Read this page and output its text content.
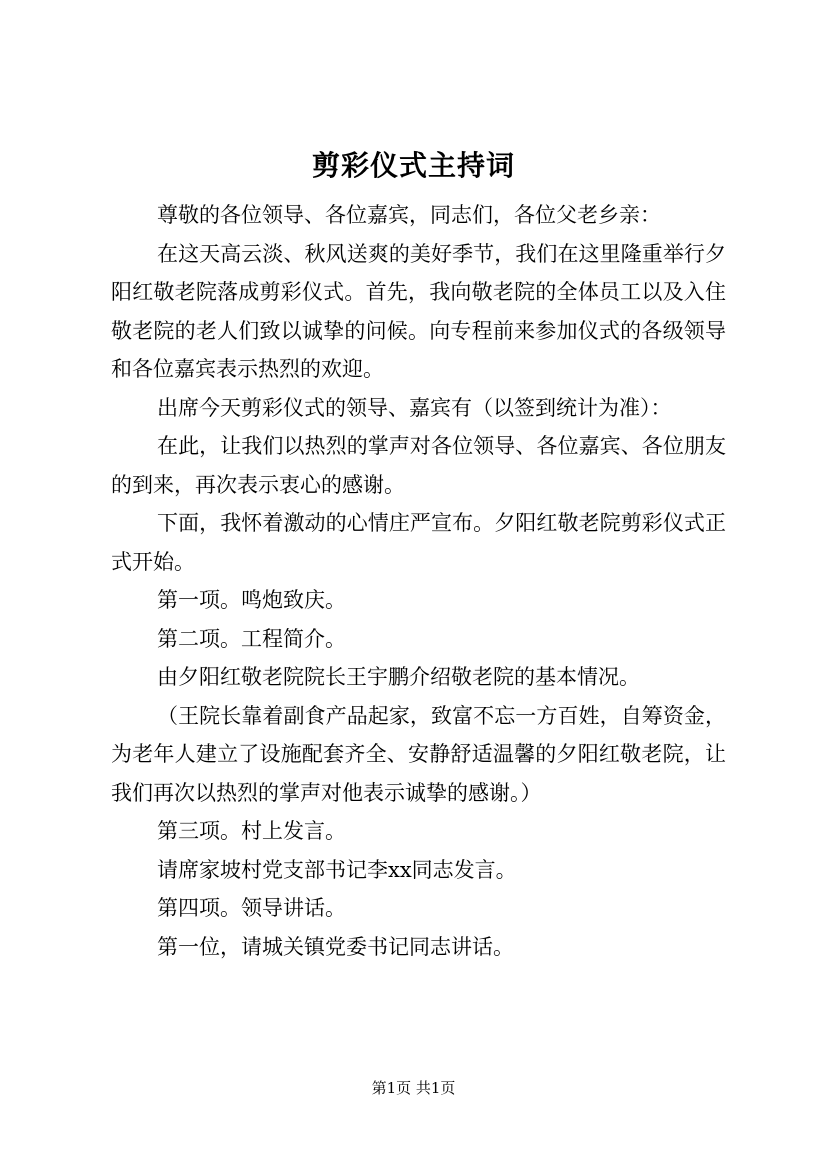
剪彩仪式主持词

尊敬的各位领导、各位嘉宾，同志们，各位父老乡亲：

在这天高云淡、秋风送爽的美好季节，我们在这里隆重举行夕阳红敬老院落成剪彩仪式。首先，我向敬老院的全体员工以及入住敬老院的老人们致以诚挚的问候。向专程前来参加仪式的各级领导和各位嘉宾表示热烈的欢迎。

出席今天剪彩仪式的领导、嘉宾有（以签到统计为准）：

在此，让我们以热烈的掌声对各位领导、各位嘉宾、各位朋友的到来，再次表示衷心的感谢。

下面，我怀着激动的心情庄严宣布。夕阳红敬老院剪彩仪式正式开始。

第一项。鸣炮致庆。

第二项。工程简介。

由夕阳红敬老院院长王宇鹏介绍敬老院的基本情况。

（王院长靠着副食产品起家，致富不忘一方百姓，自筹资金，为老年人建立了设施配套齐全、安静舒适温馨的夕阳红敬老院，让我们再次以热烈的掌声对他表示诚挚的感谢。）

第三项。村上发言。

请席家坡村党支部书记李xx同志发言。

第四项。领导讲话。

第一位，请城关镇党委书记同志讲话。

第1页 共1页
